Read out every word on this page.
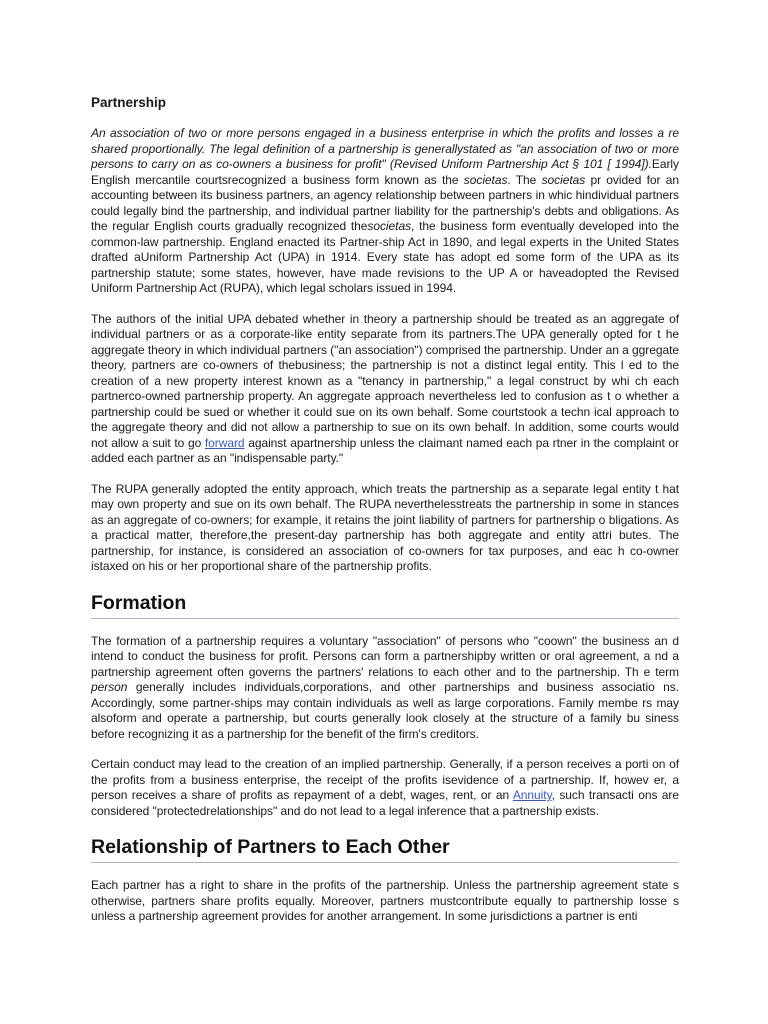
Partnership

An association of two or more persons engaged in a business enterprise in which the profits and losses a re shared proportionally. The legal definition of a partnership is generallystated as "an association of two or more persons to carry on as co-owners a business for profit" (Revised Uniform Partnership Act § 101 [ 1994]).Early English mercantile courtsrecognized a business form known as the societas. The societas pr ovided for an accounting between its business partners, an agency relationship between partners in whic hindividual partners could legally bind the partnership, and individual partner liability for the partnership's debts and obligations. As the regular English courts gradually recognized thesocietas, the business form eventually developed into the common-law partnership. England enacted its Partner-ship Act in 1890, and legal experts in the United States drafted aUniform Partnership Act (UPA) in 1914. Every state has adopt ed some form of the UPA as its partnership statute; some states, however, have made revisions to the UP A or haveadopted the Revised Uniform Partnership Act (RUPA), which legal scholars issued in 1994.

The authors of the initial UPA debated whether in theory a partnership should be treated as an aggregate of individual partners or as a corporate-like entity separate from its partners.The UPA generally opted for t he aggregate theory in which individual partners ("an association") comprised the partnership. Under an a ggregate theory, partners are co-owners of thebusiness; the partnership is not a distinct legal entity. This l ed to the creation of a new property interest known as a "tenancy in partnership," a legal construct by whi ch each partnerco-owned partnership property. An aggregate approach nevertheless led to confusion as t o whether a partnership could be sued or whether it could sue on its own behalf. Some courtstook a techn ical approach to the aggregate theory and did not allow a partnership to sue on its own behalf. In addition, some courts would not allow a suit to go forward against apartnership unless the claimant named each pa rtner in the complaint or added each partner as an "indispensable party."

The RUPA generally adopted the entity approach, which treats the partnership as a separate legal entity t hat may own property and sue on its own behalf. The RUPA neverthelesstreats the partnership in some in stances as an aggregate of co-owners; for example, it retains the joint liability of partners for partnership o bligations. As a practical matter, therefore,the present-day partnership has both aggregate and entity attri butes. The partnership, for instance, is considered an association of co-owners for tax purposes, and eac h co-owner istaxed on his or her proportional share of the partnership profits.

Formation

The formation of a partnership requires a voluntary "association" of persons who "coown" the business an d intend to conduct the business for profit. Persons can form a partnershipby written or oral agreement, a nd a partnership agreement often governs the partners' relations to each other and to the partnership. Th e term person generally includes individuals,corporations, and other partnerships and business associatio ns. Accordingly, some partner-ships may contain individuals as well as large corporations. Family membe rs may alsoform and operate a partnership, but courts generally look closely at the structure of a family bu siness before recognizing it as a partnership for the benefit of the firm's creditors.

Certain conduct may lead to the creation of an implied partnership. Generally, if a person receives a porti on of the profits from a business enterprise, the receipt of the profits isevidence of a partnership. If, howev er, a person receives a share of profits as repayment of a debt, wages, rent, or an Annuity, such transacti ons are considered "protectedrelationships" and do not lead to a legal inference that a partnership exists.

Relationship of Partners to Each Other

Each partner has a right to share in the profits of the partnership. Unless the partnership agreement state s otherwise, partners share profits equally. Moreover, partners mustcontribute equally to partnership losse s unless a partnership agreement provides for another arrangement. In some jurisdictions a partner is enti
